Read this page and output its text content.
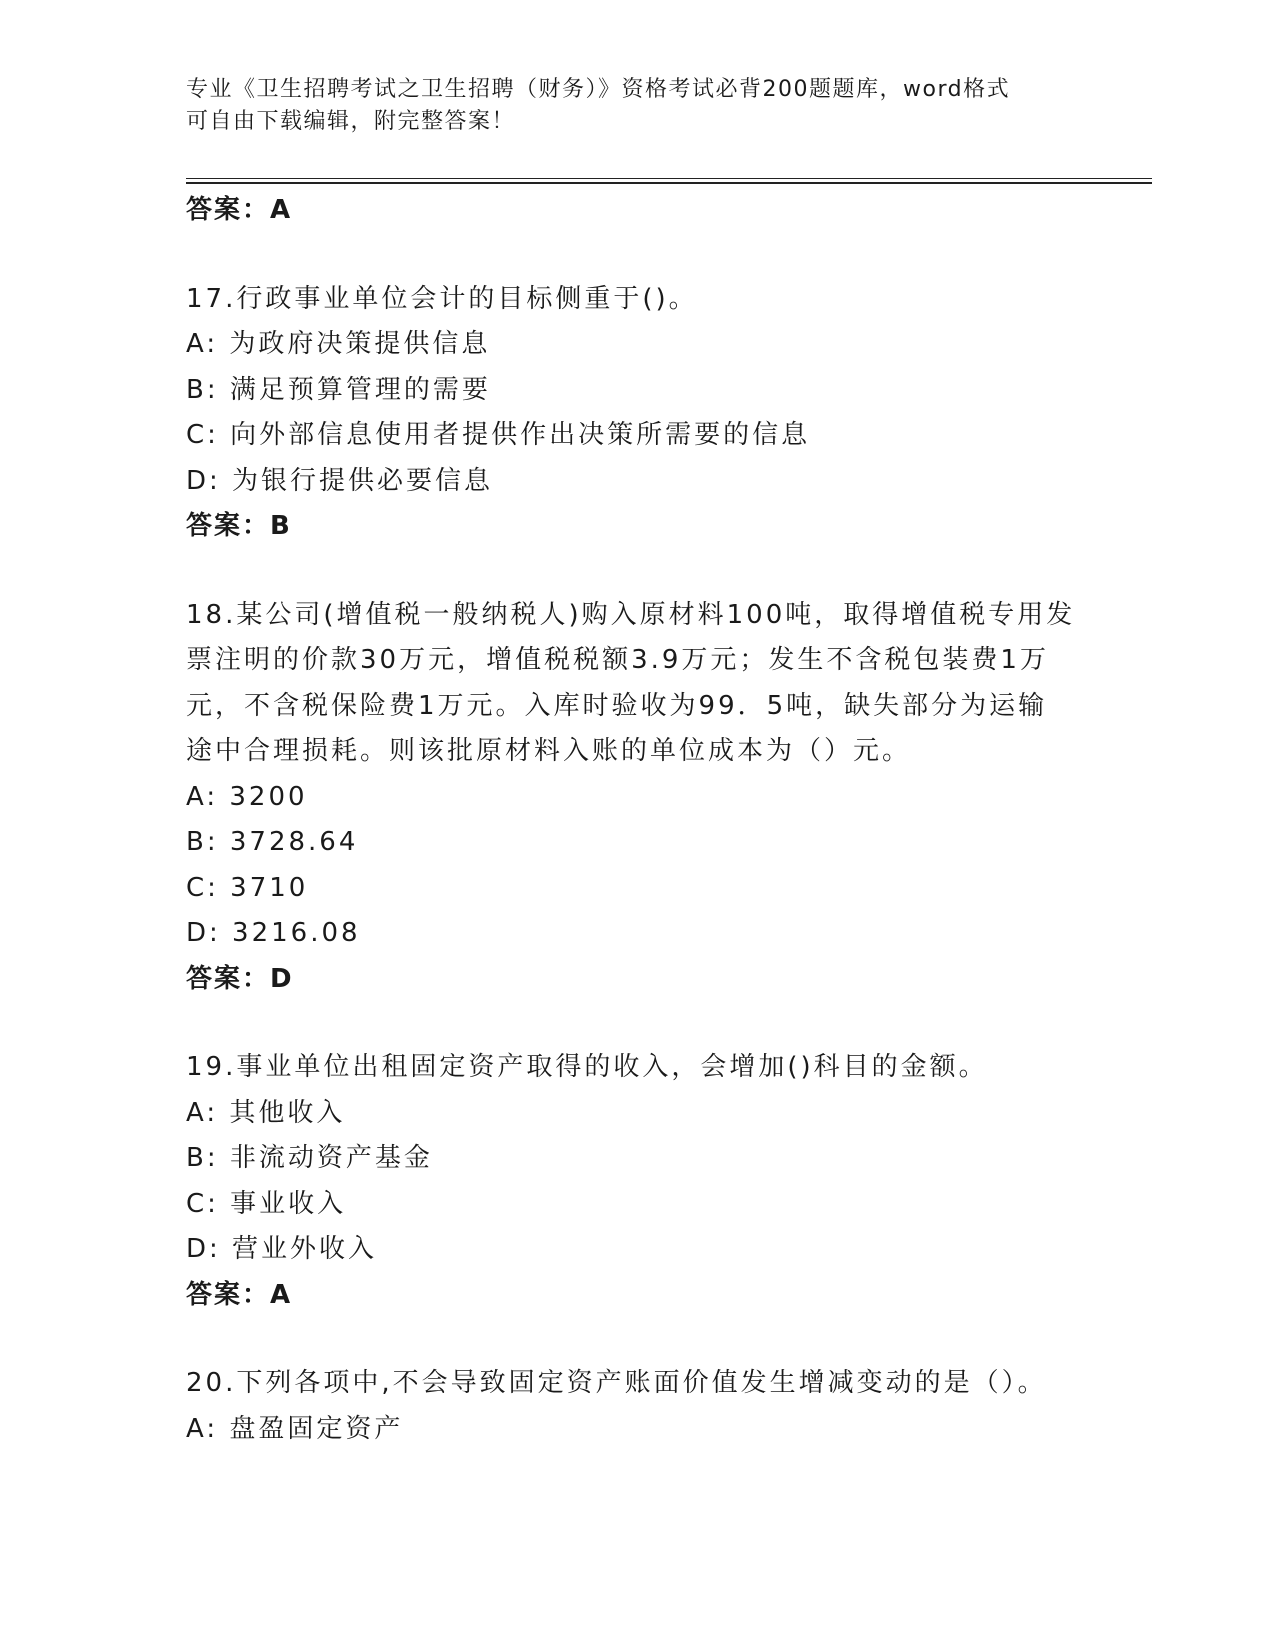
专业《卫生招聘考试之卫生招聘（财务）》资格考试必背200题题库，word格式
可自由下载编辑，附完整答案！
答案：A
17.行政事业单位会计的目标侧重于()。
A: 为政府决策提供信息
B: 满足预算管理的需要
C: 向外部信息使用者提供作出决策所需要的信息
D: 为银行提供必要信息
答案：B
18.某公司(增值税一般纳税人)购入原材料100吨，取得增值税专用发
票注明的价款30万元，增值税税额3.9万元；发生不含税包装费1万
元，不含税保险费1万元。入库时验收为99．5吨，缺失部分为运输
途中合理损耗。则该批原材料入账的单位成本为（）元。
A: 3200
B: 3728.64
C: 3710
D: 3216.08
答案：D
19.事业单位出租固定资产取得的收入，会增加()科目的金额。
A: 其他收入
B: 非流动资产基金
C: 事业收入
D: 营业外收入
答案：A
20.下列各项中,不会导致固定资产账面价值发生增减变动的是（）。
A: 盘盈固定资产
